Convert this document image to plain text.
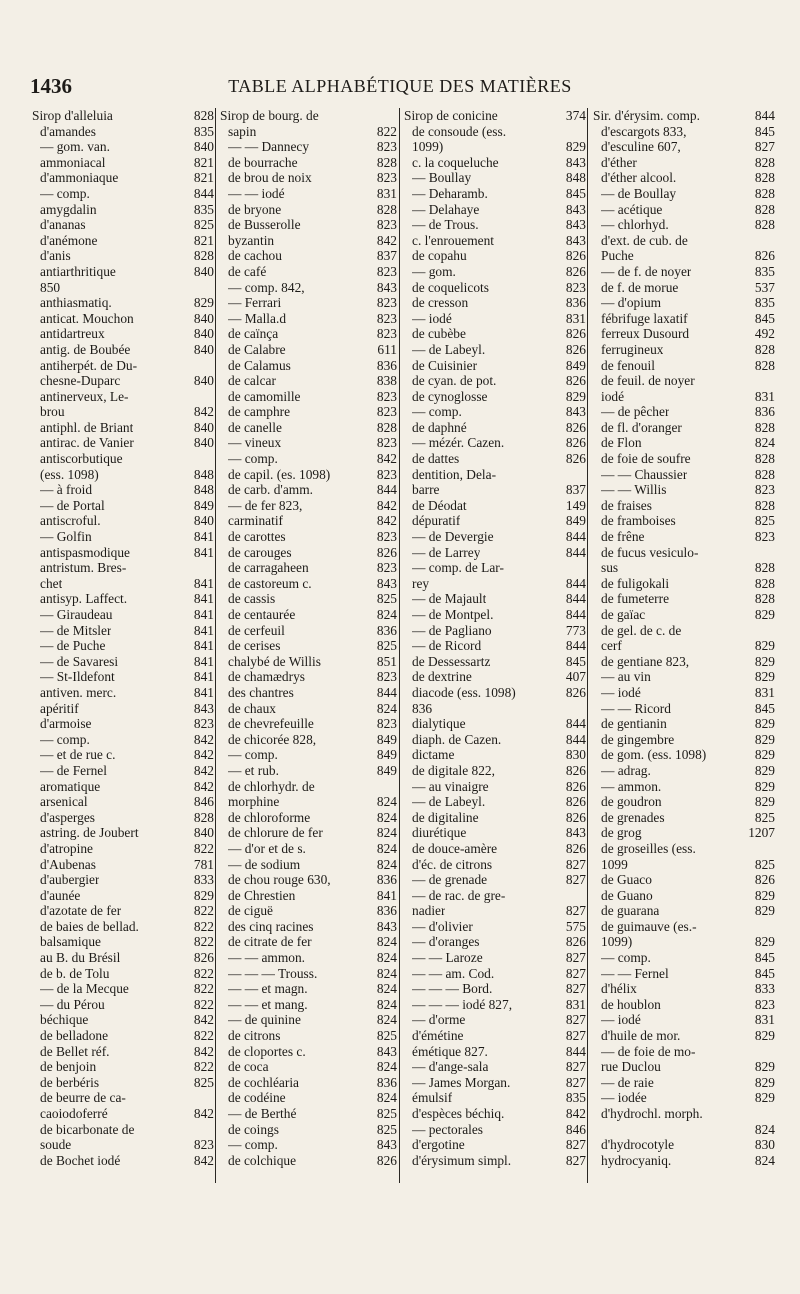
1436	TABLE ALPHABÉTIQUE DES MATIÈRES
Sirop d'alleluia	828
d'amandes	835
— gom. van.	840
ammoniacal	821
d'ammoniaque	821
— comp.	844
amygdalin	835
d'ananas	825
d'anémone	821
d'anis	828
antiarthritique	840
850
anthiasmatiq.	829
anticat. Mouchon	840
antidartreux	840
antig. de Boubée	840
antiherpét. de Du-
chesne-Duparc	840
antinerveux, Le-
brou	842
antiphl. de Briant	840
antirac. de Vanier	840
antiscorbutique
(ess. 1098)	848
— à froid	848
— de Portal	849
antiscroful.	840
— Golfin	841
antispasmodique	841
antristum. Bres-
chet	841
antisyp. Laffect.	841
— Giraudeau	841
— de Mitsler	841
— de Puche	841
— de Savaresi	841
— St-Ildefont	841
antiven. merc.	841
apéritif	843
d'armoise	823
— comp.	842
— et de rue c.	842
— de Fernel	842
aromatique	842
arsenical	846
d'asperges	828
astring. de Joubert	840
d'atropine	822
d'Aubenas	781
d'aubergier	833
d'aunée	829
d'azotate de fer	822
de baies de bellad.	822
balsamique	822
au B. du Brésil	826
de b. de Tolu	822
— de la Mecque	822
— du Pérou	822
béchique	842
de belladone	822
de Bellet réf.	842
de benjoin	822
de berbéris	825
de beurre de ca-
caoiodoferré	842
de bicarbonate de
soude	823
de Bochet iodé	842
Sirop de bourg. de
sapin	822
— — Dannecy	823
de bourrache	828
de brou de noix	823
— — iodé	831
de bryone	828
de Busserolle	823
byzantin	842
de cachou	837
de café	823
— comp. 842,	843
— Ferrari	823
— Malla.d	823
de caïnça	823
de Calabre	611
de Calamus	836
de calcar	838
de camomille	823
de camphre	823
de canelle	828
— vineux	823
— comp.	842
de capil. (es. 1098)	823
de carb. d'amm.	844
— de fer 823,	842
carminatif	842
de carottes	823
de carouges	826
de carragaheen	823
de castoreum c.	843
de cassis	825
de centaurée	824
de cerfeuil	836
de cerises	825
chalybé de Willis	851
de chamædrys	823
des chantres	844
de chaux	824
de chevrefeuille	823
de chicorée 828,	849
— comp.	849
— et rub.	849
de chlorhydr. de
morphine	824
de chloroforme	824
de chlorure de fer	824
— d'or et de s.	824
— de sodium	824
de chou rouge 630,	836
de Chrestien	841
de ciguë	836
des cinq racines	843
de citrate de fer	824
— — ammon.	824
— — — Trouss.	824
— — et magn.	824
— — et mang.	824
— de quinine	824
de citrons	825
de cloportes c.	843
de coca	824
de cochléaria	836
de codéine	824
— de Berthé	825
de coings	825
— comp.	843
de colchique	826
Sirop de conicine	374
de consoude (ess.
1099)	829
c. la coqueluche	843
— Boullay	848
— Deharamb.	845
— Delahaye	843
— de Trous.	843
c. l'enrouement	843
de copahu	826
— gom.	826
de coquelicots	823
de cresson	836
— iodé	831
de cubèbe	826
— de Labeyl.	826
de Cuisinier	849
de cyan. de pot.	826
de cynoglosse	829
— comp.	843
de daphné	826
— mézér. Cazen.	826
de dattes	826
dentition, Dela-
barre	837
de Déodat	149
dépuratif	849
— de Devergie	844
— de Larrey	844
— comp. de Lar-
rey	844
— de Majault	844
— de Montpel.	844
— de Pagliano	773
— de Ricord	844
de Dessessartz	845
de dextrine	407
diacode (ess. 1098)	826
836
dialytique	844
diaph. de Cazen.	844
dictame	830
de digitale 822,	826
— au vinaigre	826
— de Labeyl.	826
de digitaline	826
diurétique	843
de douce-amère	826
d'éc. de citrons	827
— de grenade	827
— de rac. de gre-
nadier	827
— d'olivier	575
— d'oranges	826
— — Laroze	827
— — am. Cod.	827
— — — Bord.	827
— — — iodé 827,	831
— d'orme	827
d'émétine	827
émétique 827.	844
— d'ange-sala	827
— James Morgan.	827
émulsif	835
d'espèces béchiq.	842
— pectorales	846
d'ergotine	827
d'érysimum simpl.	827
Sir. d'érysim. comp.	844
d'escargots 833,	845
d'esculine 607,	827
d'éther	828
d'éther alcool.	828
— de Boullay	828
— acétique	828
— chlorhyd.	828
d'ext. de cub. de
Puche	826
— de f. de noyer	835
de f. de morue	537
— d'opium	835
fébrifuge laxatif	845
ferreux Dusourd	492
ferrugineux	828
de fenouil	828
de feuil. de noyer
iodé	831
— de pêcher	836
de fl. d'oranger	828
de Flon	824
de foie de soufre	828
— — Chaussier	828
— — Willis	823
de fraises	828
de framboises	825
de frêne	823
de fucus vesiculo-
sus	828
de fuligokali	828
de fumeterre	828
de gaïac	829
de gel. de c. de
cerf	829
de gentiane 823,	829
— au vin	829
— iodé	831
— — Ricord	845
de gentianin	829
de gingembre	829
de gom. (ess. 1098)	829
— adrag.	829
— ammon.	829
de goudron	829
de grenades	825
de grog	1207
de groseilles (ess.
1099	825
de Guaco	826
de Guano	829
de guarana	829
de guimauve (es.-
1099)	829
— comp.	845
— — Fernel	845
d'hélix	833
de houblon	823
— iodé	831
d'huile de mor.	829
— de foie de mo-
rue Duclou	829
— de raie	829
— iodée	829
d'hydrochl. morph.
824
d'hydrocotyle	830
hydrocyaniq.	824
